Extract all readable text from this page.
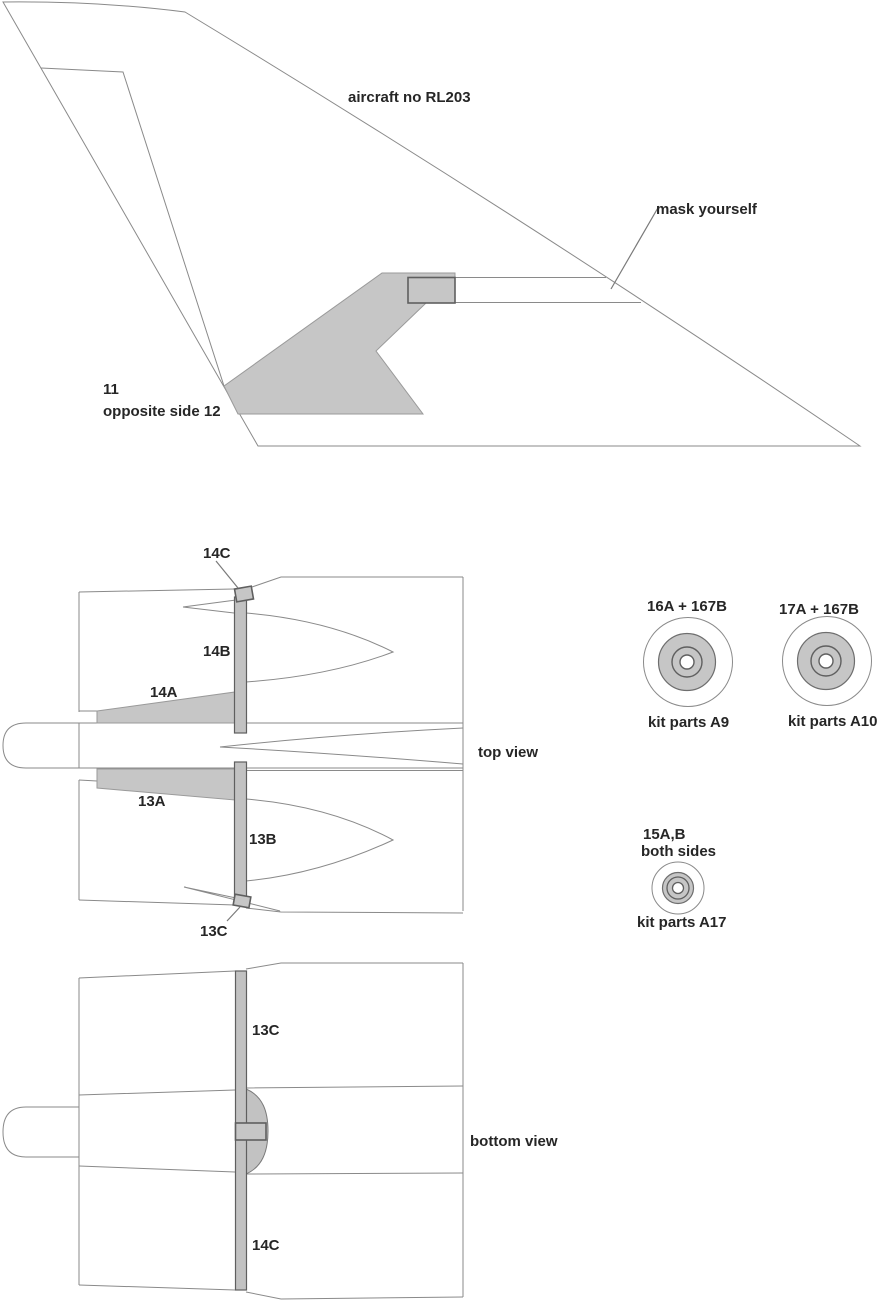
aircraft no RL203
mask yourself
11
opposite side 12
14C
14B
14A
13A
13B
13C
top view
16A + 167B
kit parts A9
17A + 167B
kit parts A10
15A,B
both sides
kit parts A17
13C
14C
bottom view
